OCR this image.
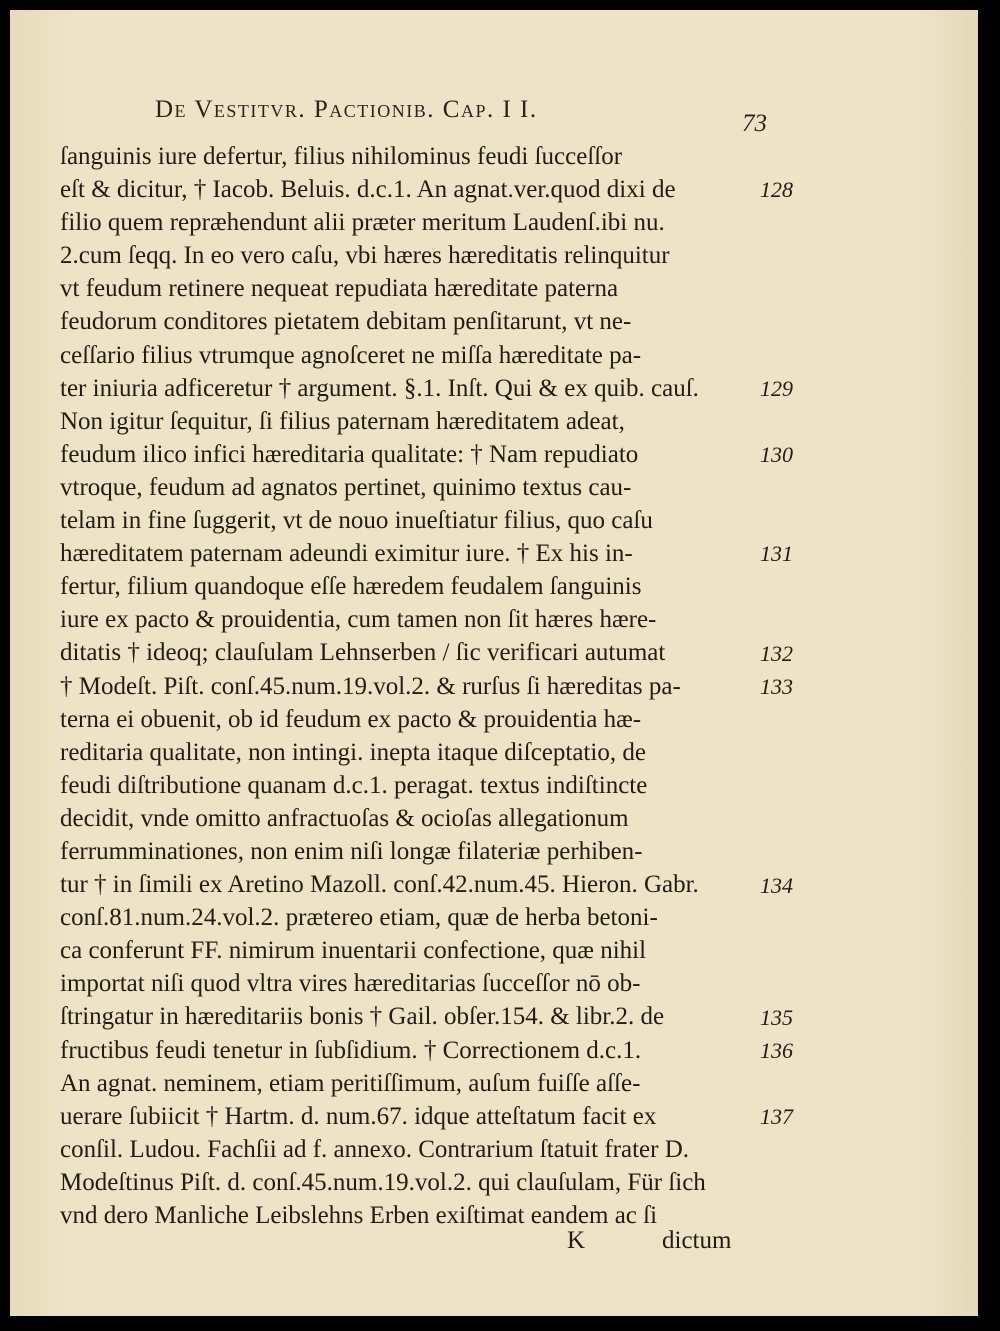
De Vestitvr. Pactionib. Cap. I I.
73
ſanguinis iure defertur, filius nihilominus feudi ſucceſſor
eſt & dicitur, † Iacob. Beluis. d.c.1. An agnat.ver.quod dixi de
filio quem reprӕhendunt alii prӕter meritum Laudenſ.ibi nu.
2.cum ſeqq. In eo vero caſu, vbi hӕres hӕreditatis relinquitur
vt feudum retinere nequeat repudiata hӕreditate paterna
feudorum conditores pietatem debitam penſitarunt, vt ne-
ceſſario filius vtrumque agnoſceret ne miſſa hӕreditate pa-
ter iniuria adficeretur † argument. §.1. Inſt. Qui & ex quib. cauſ.
Non igitur ſequitur, ſi filius paternam hӕreditatem adeat,
feudum ilico infici hӕreditaria qualitate: † Nam repudiato
vtroque, feudum ad agnatos pertinet, quinimo textus cau-
telam in fine ſuggerit, vt de nouo inueſtiatur filius, quo caſu
hӕreditatem paternam adeundi eximitur iure. † Ex his in-
fertur, filium quandoque eſſe hӕredem feudalem ſanguinis
iure ex pacto & prouidentia, cum tamen non ſit hӕres hӕre-
ditatis † ideoq; clauſulam Lehnserben / ſic verificari autumat
† Modeſt. Piſt. conſ.45.num.19.vol.2. & rurſus ſi hӕreditas pa-
terna ei obuenit, ob id feudum ex pacto & prouidentia hӕ-
reditaria qualitate, non intingi. inepta itaque diſceptatio, de
feudi diſtributione quanam d.c.1. peragat. textus indiſtincte
decidit, vnde omitto anfractuoſas & ocioſas allegationum
ferrumminationes, non enim niſi longӕ filateriӕ perhiben-
tur † in ſimili ex Aretino Mazoll. conſ.42.num.45. Hieron. Gabr.
conſ.81.num.24.vol.2. prӕtereo etiam, quӕ de herba betoni-
ca conferunt FF. nimirum inuentarii confectione, quӕ nihil
importat niſi quod vltra vires hӕreditarias ſucceſſor nō ob-
ſtringatur in hӕreditariis bonis † Gail. obſer.154. & libr.2. de
fructibus feudi tenetur in ſubſidium. † Correctionem d.c.1.
An agnat. neminem, etiam peritiſſimum, auſum fuiſſe aſſe-
uerare ſubiicit † Hartm. d. num.67. idque atteſtatum facit ex
conſil. Ludou. Fachſii ad f. annexo. Contrarium ſtatuit frater D.
Modeſtinus Piſt. d. conſ.45.num.19.vol.2. qui clauſulam, Für ſich
vnd dero Manliche Leibslehns Erben exiſtimat eandem ac ſi
128
129
130
131
132
133
134
135
136
137
K	dictum
